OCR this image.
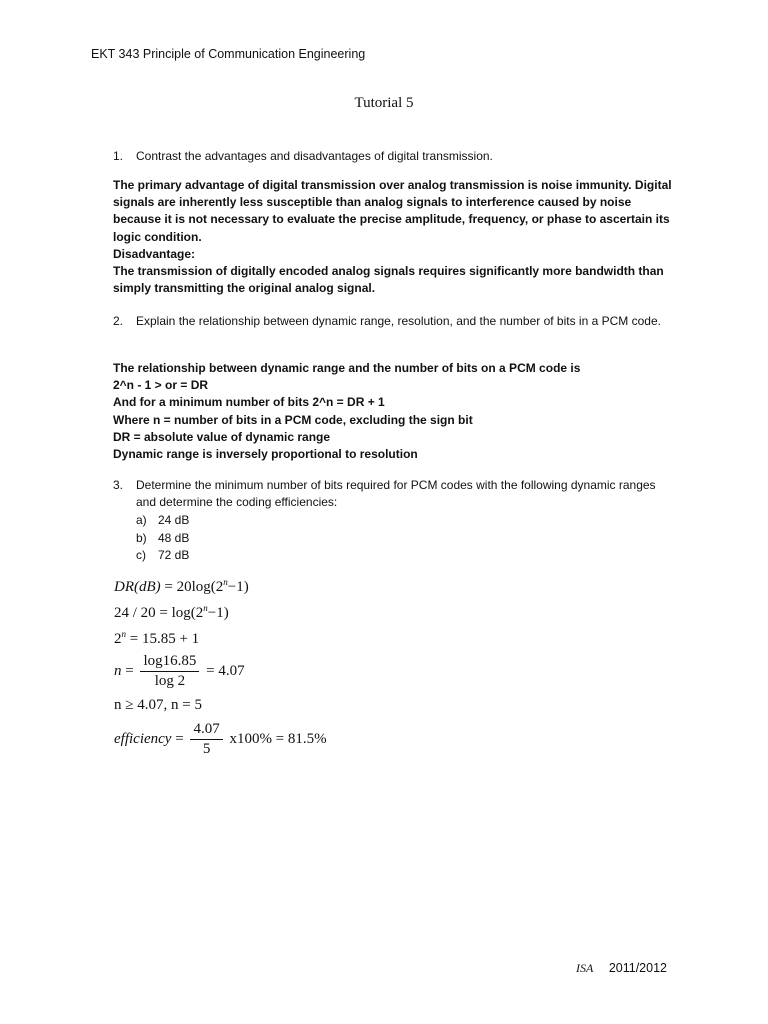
EKT 343 Principle of Communication Engineering
Tutorial 5
1.	Contrast the advantages and disadvantages of digital transmission.
The primary advantage of digital transmission over analog transmission is noise immunity. Digital signals are inherently less susceptible than analog signals to interference caused by noise because it is not necessary to evaluate the precise amplitude, frequency, or phase to ascertain its logic condition.
Disadvantage:
The transmission of digitally encoded analog signals requires significantly more bandwidth than simply transmitting the original analog signal.
2.	Explain the relationship between dynamic range, resolution, and the number of bits in a PCM code.
The relationship between dynamic range and the number of bits on a PCM code is
2^n - 1 > or = DR
And for a minimum number of bits 2^n = DR + 1
Where n = number of bits in a PCM code, excluding the sign bit
DR = absolute value of dynamic range
Dynamic range is inversely proportional to resolution
3.	Determine the minimum number of bits required for PCM codes with the following dynamic ranges and determine the coding efficiencies:
a) 24 dB
b) 48 dB
c) 72 dB
$DR(dB) = 20\log(2^n-1)$
$24 / 20 = \log(2^n-1)$
$2^n = 15.85 + 1$
$n = \frac{\log 16.85}{\log 2} = 4.07$
n ≥ 4.07, n = 5
efficiency = $\frac{4.07}{5} x100\% = 81.5\%$
ISA 2011/2012
